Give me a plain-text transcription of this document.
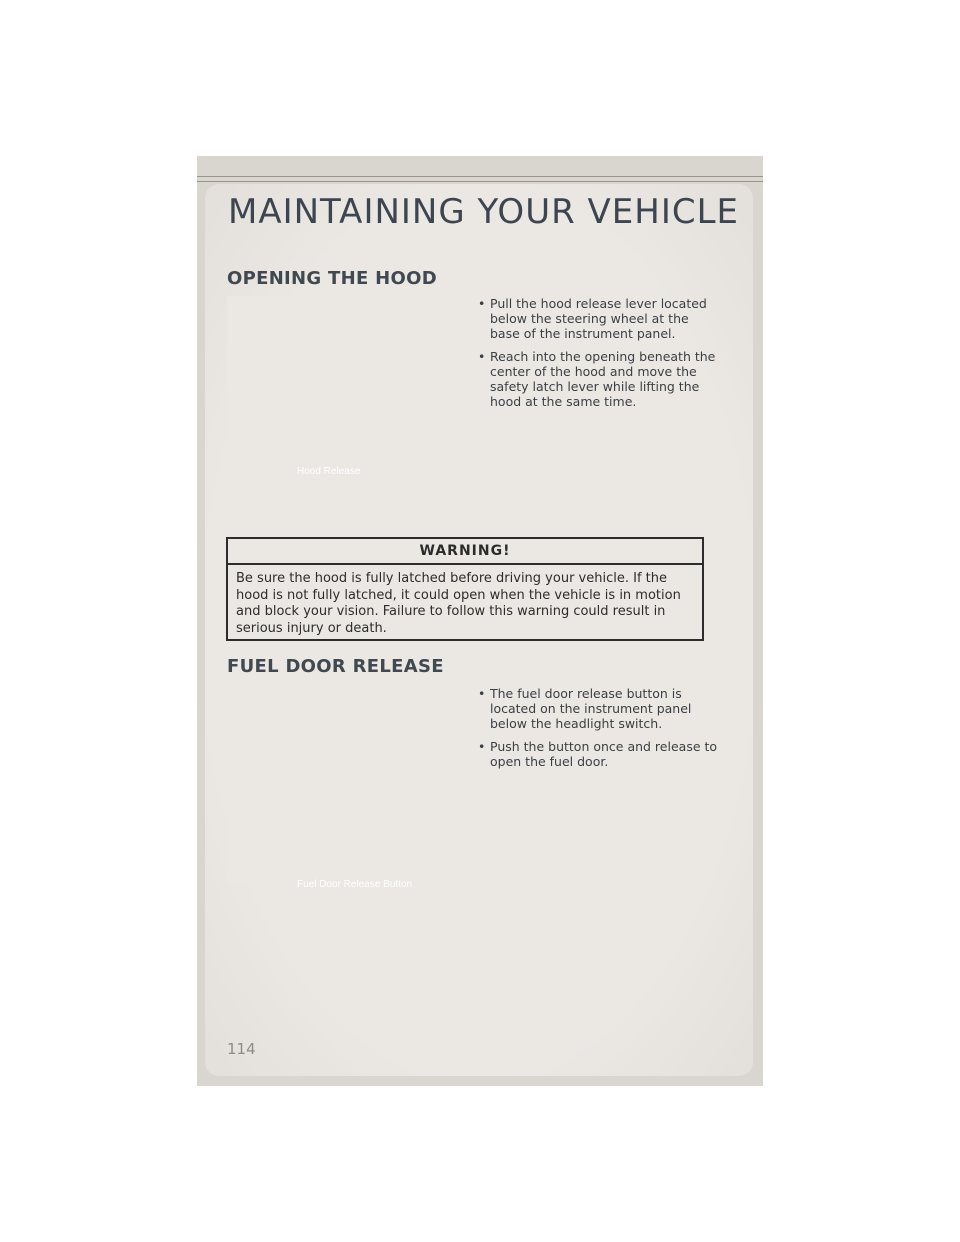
MAINTAINING YOUR VEHICLE
OPENING THE HOOD
Hood Release
• Pull the hood release lever located below the steering wheel at the base of the instrument panel.
• Reach into the opening beneath the center of the hood and move the safety latch lever while lifting the hood at the same time.
WARNING!
Be sure the hood is fully latched before driving your vehicle. If the hood is not fully latched, it could open when the vehicle is in motion and block your vision. Failure to follow this warning could result in serious injury or death.
FUEL DOOR RELEASE
Fuel Door Release Button
• The fuel door release button is located on the instrument panel below the headlight switch.
• Push the button once and release to open the fuel door.
114
